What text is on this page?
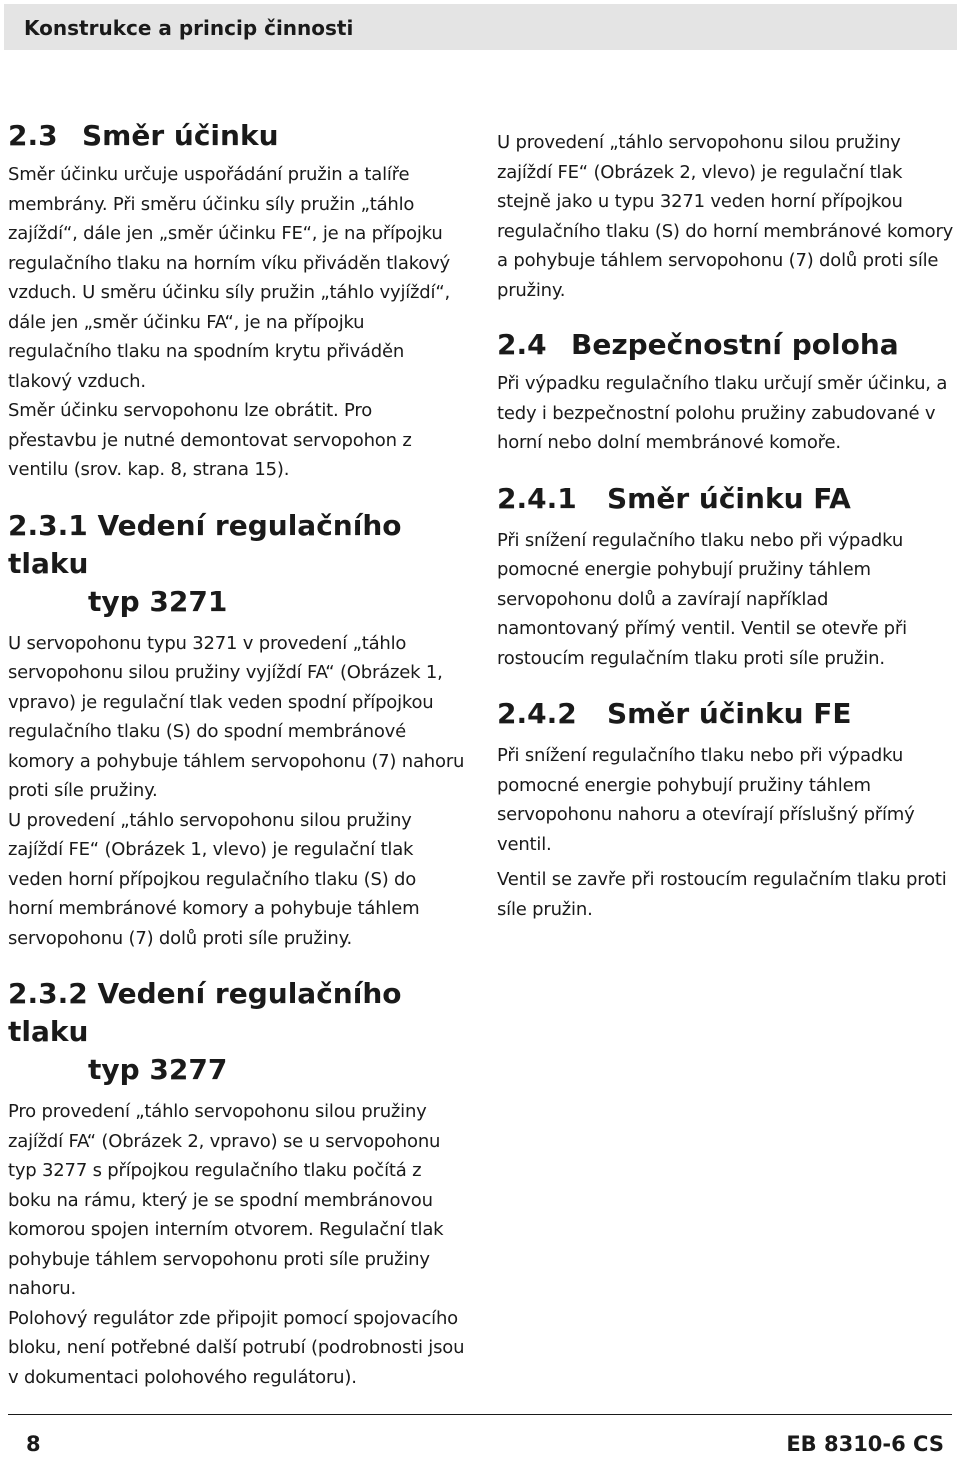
Konstrukce a princip činnosti
2.3 Směr účinku

Směr účinku určuje uspořádání pružin a talíře membrány. Při směru účinku síly pružin „táhlo zajíždí“, dále jen „směr účinku FE“, je na přípojku regulačního tlaku na horním víku přiváděn tlakový vzduch. U směru účinku síly pružin „táhlo vyjíždí“, dále jen „směr účinku FA“, je na přípojku regulačního tlaku na spodním krytu přiváděn tlakový vzduch.

Směr účinku servopohonu lze obrátit. Pro přestavbu je nutné demontovat servopohon z ventilu (srov. kap. 8, strana 15).

2.3.1 Vedení regulačního tlaku
typ 3271

U servopohonu typu 3271 v provedení „táhlo servopohonu silou pružiny vyjíždí FA“ (Obrázek 1, vpravo) je regulační tlak veden spodní přípojkou regulačního tlaku (S) do spodní membránové komory a pohybuje táhlem servopohonu (7) nahoru proti síle pružiny.

U provedení „táhlo servopohonu silou pružiny zajíždí FE“ (Obrázek 1, vlevo) je regulační tlak veden horní přípojkou regulačního tlaku (S) do horní membránové komory a pohybuje táhlem servopohonu (7) dolů proti síle pružiny.

2.3.2 Vedení regulačního tlaku
typ 3277

Pro provedení „táhlo servopohonu silou pružiny zajíždí FA“ (Obrázek 2, vpravo) se u servopohonu typ 3277 s přípojkou regulačního tlaku počítá z boku na rámu, který je se spodní membránovou komorou spojen interním otvorem. Regulační tlak pohybuje táhlem servopohonu proti síle pružiny nahoru.

Polohový regulátor zde připojit pomocí spojovacího bloku, není potřebné další potrubí (podrobnosti jsou v dokumentaci polohového regulátoru).

U provedení „táhlo servopohonu silou pružiny zajíždí FE“ (Obrázek 2, vlevo) je regulační tlak stejně jako u typu 3271 veden horní přípojkou regulačního tlaku (S) do horní membránové komory a pohybuje táhlem servopohonu (7) dolů proti síle pružiny.

2.4 Bezpečnostní poloha

Při výpadku regulačního tlaku určují směr účinku, a tedy i bezpečnostní polohu pružiny zabudované v horní nebo dolní membránové komoře.

2.4.1 Směr účinku FA

Při snížení regulačního tlaku nebo při výpadku pomocné energie pohybují pružiny táhlem servopohonu dolů a zavírají například namontovaný přímý ventil. Ventil se otevře při rostoucím regulačním tlaku proti síle pružin.

2.4.2 Směr účinku FE

Při snížení regulačního tlaku nebo při výpadku pomocné energie pohybují pružiny táhlem servopohonu nahoru a otevírají příslušný přímý ventil.

Ventil se zavře při rostoucím regulačním tlaku proti síle pružin.

8	EB 8310-6 CS
